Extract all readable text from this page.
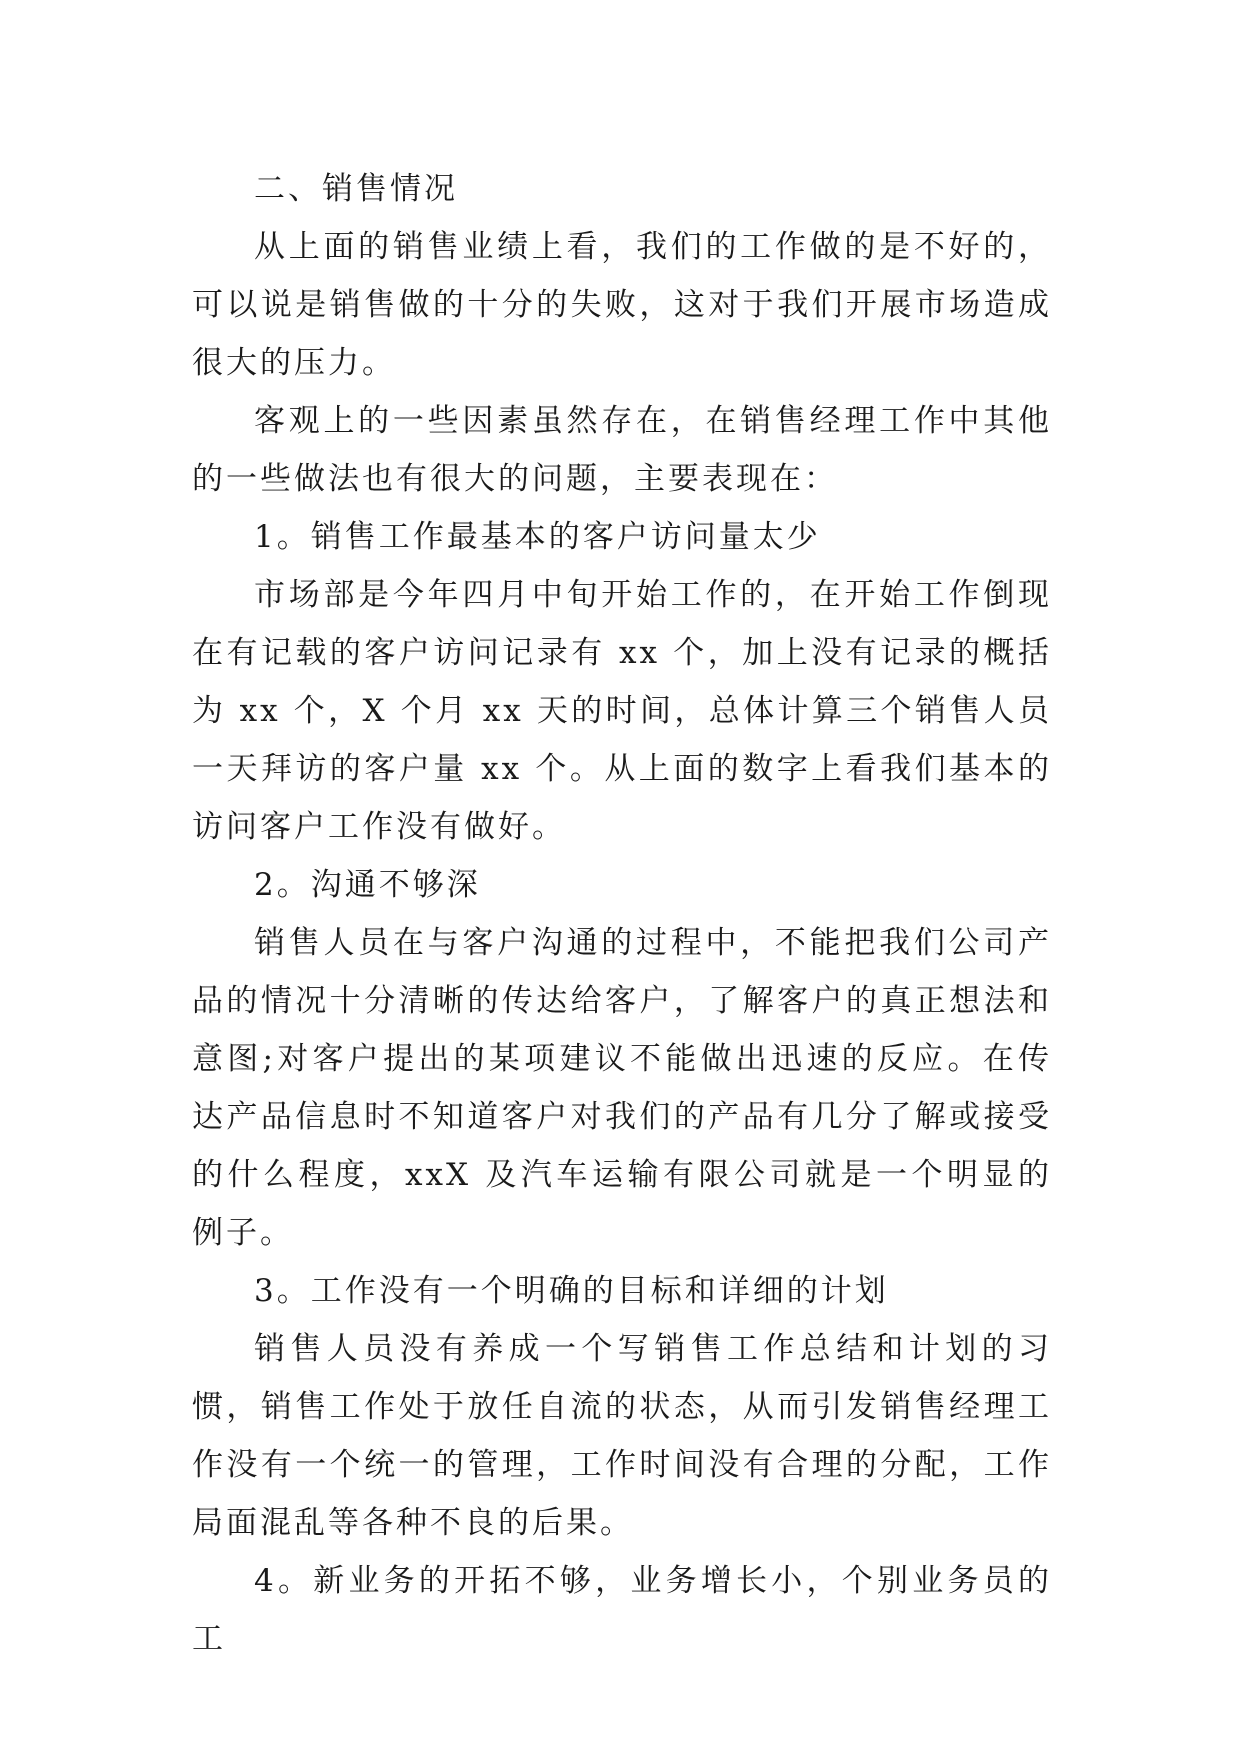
二、销售情况

从上面的销售业绩上看，我们的工作做的是不好的，可以说是销售做的十分的失败，这对于我们开展市场造成很大的压力。

客观上的一些因素虽然存在，在销售经理工作中其他的一些做法也有很大的问题，主要表现在：

1。销售工作最基本的客户访问量太少

市场部是今年四月中旬开始工作的，在开始工作倒现在有记载的客户访问记录有 xx 个，加上没有记录的概括为 xx 个，X 个月 xx 天的时间，总体计算三个销售人员一天拜访的客户量 xx 个。从上面的数字上看我们基本的访问客户工作没有做好。

2。沟通不够深

销售人员在与客户沟通的过程中，不能把我们公司产品的情况十分清晰的传达给客户，了解客户的真正想法和意图;对客户提出的某项建议不能做出迅速的反应。在传达产品信息时不知道客户对我们的产品有几分了解或接受的什么程度，xxX 及汽车运输有限公司就是一个明显的例子。

3。工作没有一个明确的目标和详细的计划

销售人员没有养成一个写销售工作总结和计划的习惯，销售工作处于放任自流的状态，从而引发销售经理工作没有一个统一的管理，工作时间没有合理的分配，工作局面混乱等各种不良的后果。

4。新业务的开拓不够，业务增长小，个别业务员的工
